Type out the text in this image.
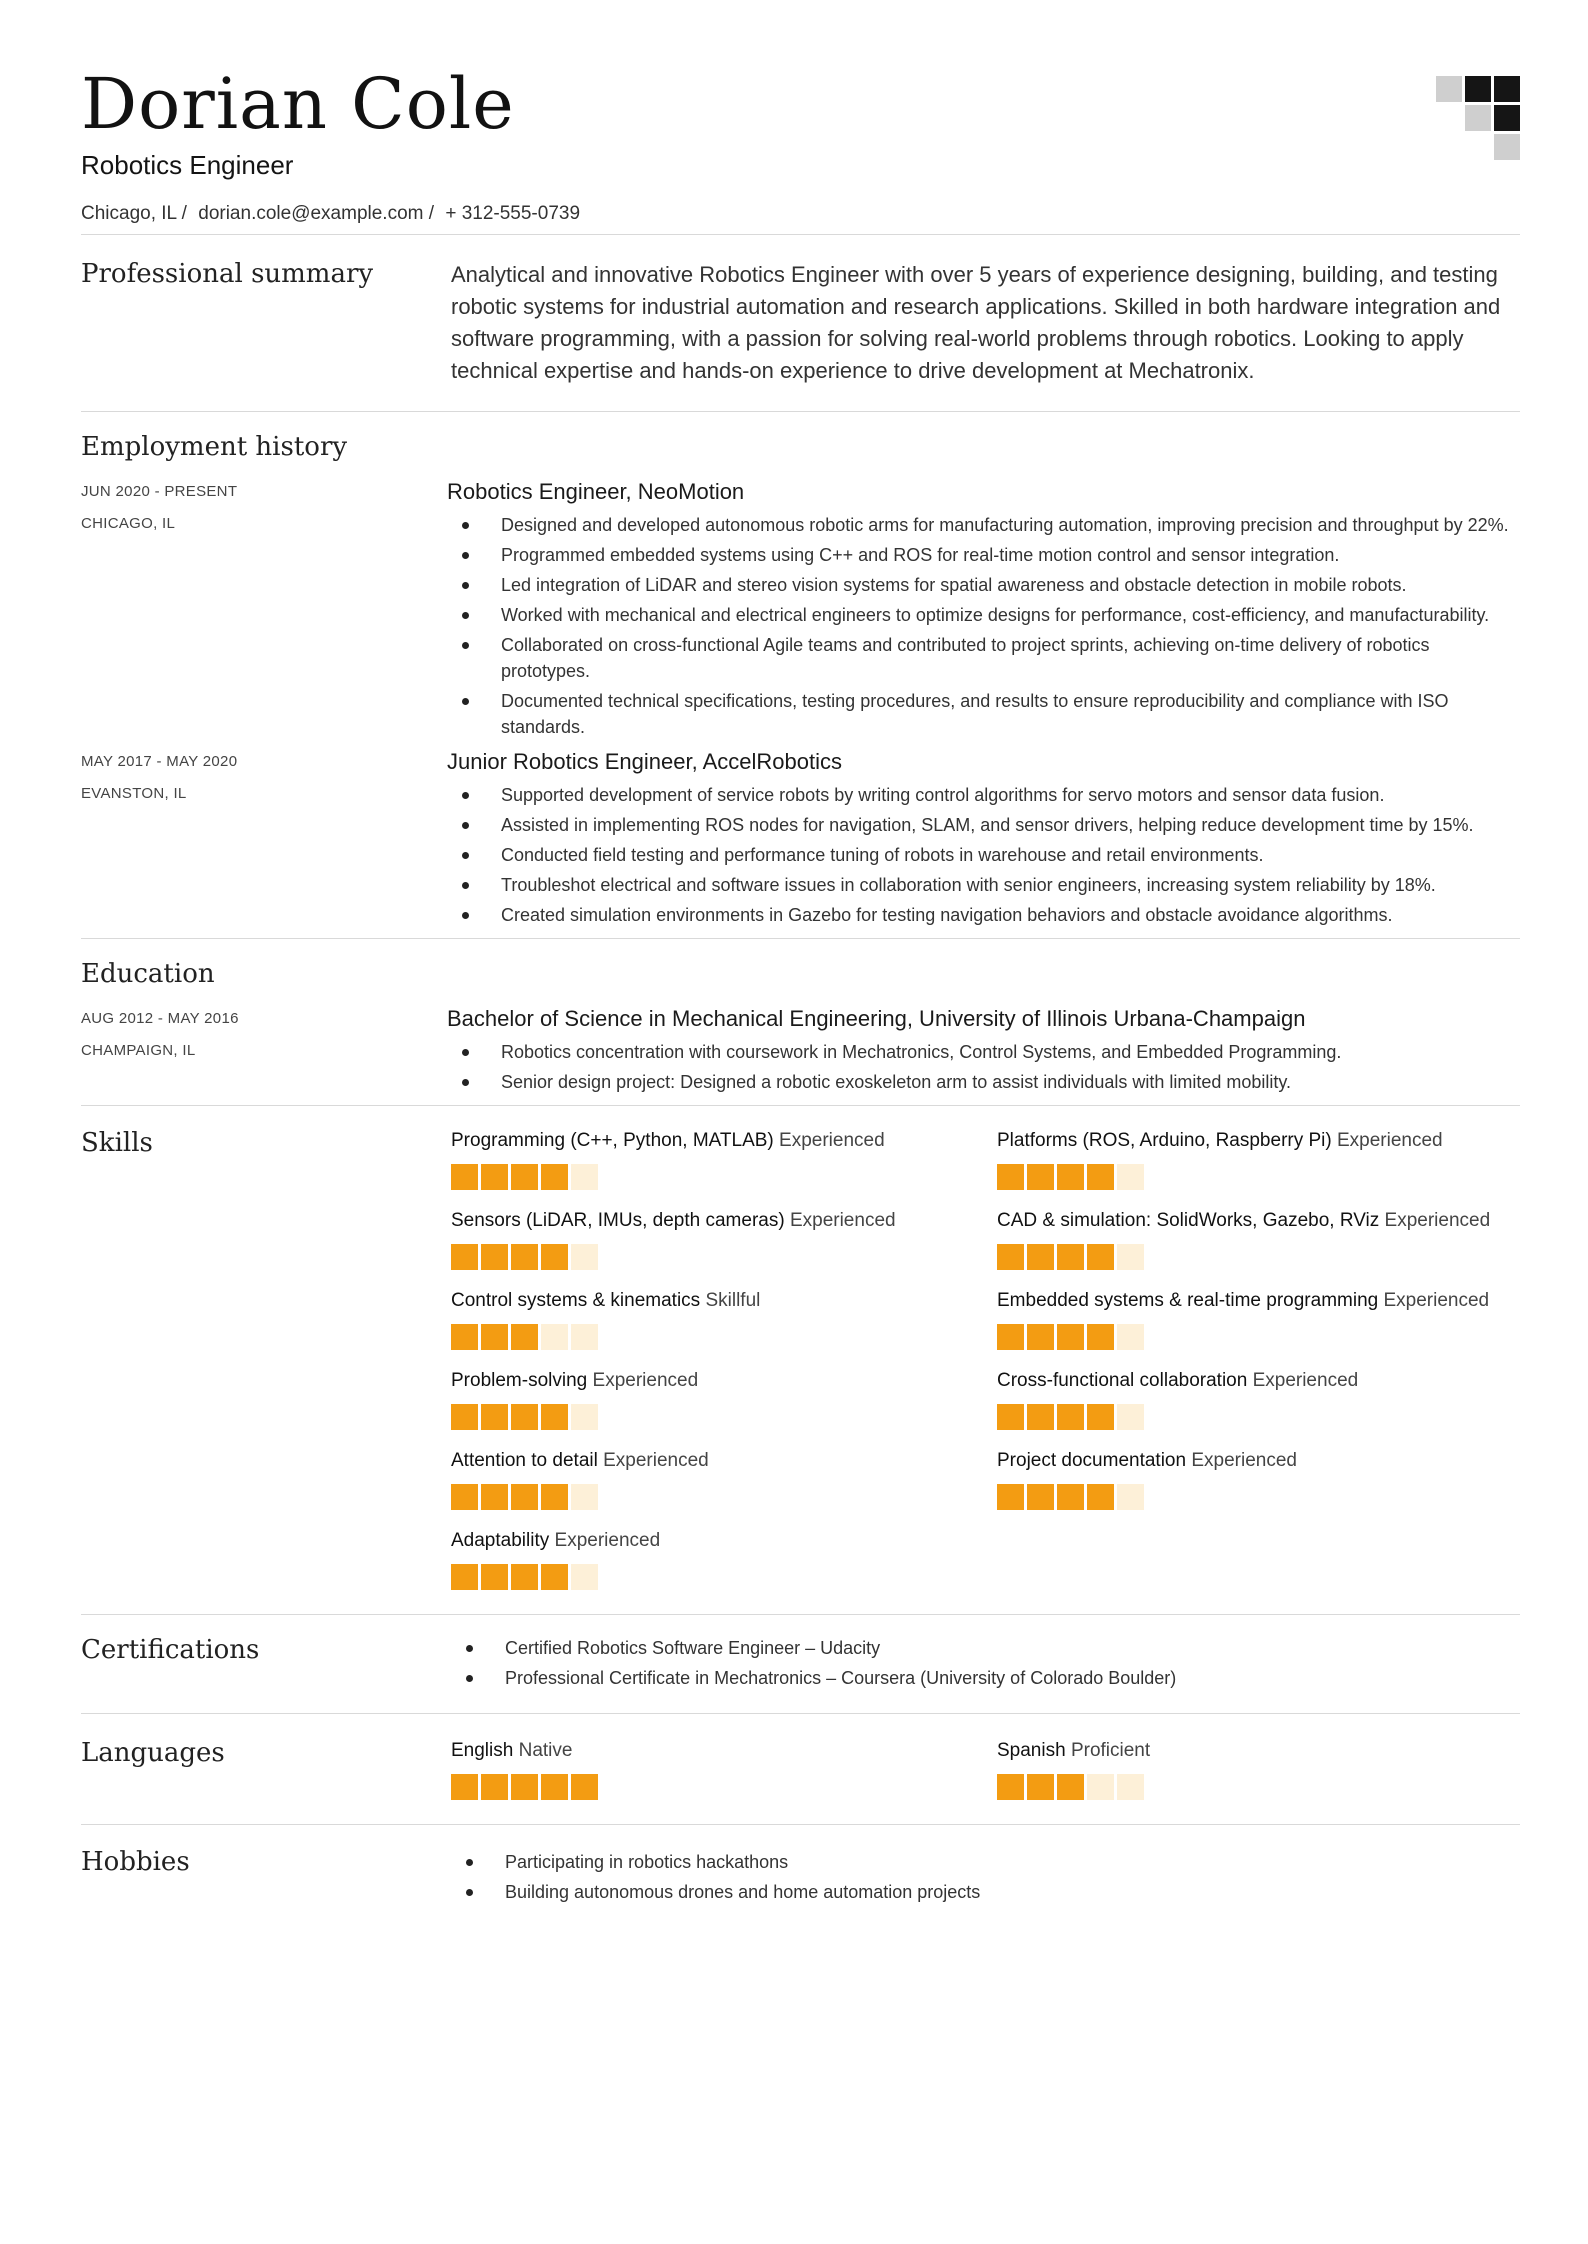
Dorian Cole
Robotics Engineer
Chicago, IL / dorian.cole@example.com / + 312-555-0739
Professional summary	Analytical and innovative Robotics Engineer with over 5 years of experience designing, building, and testing robotic systems for industrial automation and research applications. Skilled in both hardware integration and software programming, with a passion for solving real-world problems through robotics. Looking to apply technical expertise and hands-on experience to drive development at Mechatronix.
Employment history
JUN 2020 - PRESENT
CHICAGO, IL
Robotics Engineer, NeoMotion
Designed and developed autonomous robotic arms for manufacturing automation, improving precision and throughput by 22%.
Programmed embedded systems using C++ and ROS for real-time motion control and sensor integration.
Led integration of LiDAR and stereo vision systems for spatial awareness and obstacle detection in mobile robots.
Worked with mechanical and electrical engineers to optimize designs for performance, cost-efficiency, and manufacturability.
Collaborated on cross-functional Agile teams and contributed to project sprints, achieving on-time delivery of robotics prototypes.
Documented technical specifications, testing procedures, and results to ensure reproducibility and compliance with ISO standards.
MAY 2017 - MAY 2020
EVANSTON, IL
Junior Robotics Engineer, AccelRobotics
Supported development of service robots by writing control algorithms for servo motors and sensor data fusion.
Assisted in implementing ROS nodes for navigation, SLAM, and sensor drivers, helping reduce development time by 15%.
Conducted field testing and performance tuning of robots in warehouse and retail environments.
Troubleshot electrical and software issues in collaboration with senior engineers, increasing system reliability by 18%.
Created simulation environments in Gazebo for testing navigation behaviors and obstacle avoidance algorithms.
Education
AUG 2012 - MAY 2016
CHAMPAIGN, IL
Bachelor of Science in Mechanical Engineering, University of Illinois Urbana-Champaign
Robotics concentration with coursework in Mechatronics, Control Systems, and Embedded Programming.
Senior design project: Designed a robotic exoskeleton arm to assist individuals with limited mobility.
Skills	Programming (C++, Python, MATLAB) Experienced	Platforms (ROS, Arduino, Raspberry Pi) Experienced
Sensors (LiDAR, IMUs, depth cameras) Experienced	CAD & simulation: SolidWorks, Gazebo, RViz Experienced
Control systems & kinematics Skillful	Embedded systems & real-time programming Experienced
Problem-solving Experienced	Cross-functional collaboration Experienced
Attention to detail Experienced	Project documentation Experienced
Adaptability Experienced
Certifications	Certified Robotics Software Engineer – Udacity
Professional Certificate in Mechatronics – Coursera (University of Colorado Boulder)
Languages	English Native	Spanish Proficient
Hobbies	Participating in robotics hackathons
Building autonomous drones and home automation projects
